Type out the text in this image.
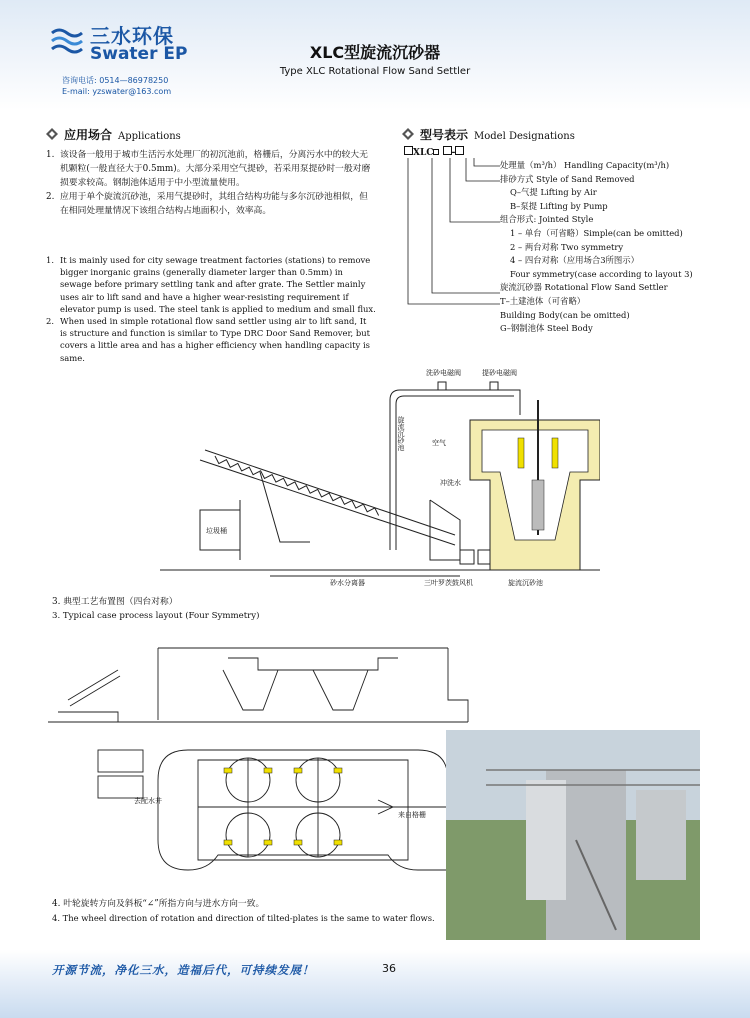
三水环保
Swater EP
咨询电话: 0514—86978250
E-mail: yzswater@163.com
XLC型旋流沉砂器
Type XLC Rotational Flow Sand Settler
应用场合 Applications
1. 该设备一般用于城市生活污水处理厂的初沉池前，格栅后，分离污水中的较大无机颗粒(一般直径大于0.5mm)。大部分采用空气提砂，若采用泵提砂时一般对磨损要求较高。钢制池体适用于中小型流量使用。
2. 应用于单个旋流沉砂池，采用气提砂时，其组合结构功能与多尔沉砂池相似，但在相同处理量情况下该组合结构占地面积小，效率高。
1. It is mainly used for city sewage treatment factories (stations) to remove bigger inorganic grains (generally diameter larger than 0.5mm) in sewage before primary settling tank and after grate. The Settler mainly uses air to lift sand and have a higher wear-resisting requirement if elevator pump is used. The steel tank is applied to medium and small flux.
2. When used in simple rotational flow sand settler using air to lift sand, It is structure and function is similar to Type DRC Door Sand Remover, but covers a little area and has a higher efficiency when handling capacity is same.
型号表示 Model Designations
XLC -
处理量（m³/h） Handling Capacity(m³/h)
排砂方式 Style of Sand Removed
Q–气提 Lifting by Air
B–泵提 Lifting by Pump
组合形式: Jointed Style
1 – 单台（可省略）Simple(can be omitted)
2 – 两台对称 Two symmetry
4 – 四台对称（应用场合3所图示）
Four symmetry(case according to layout 3)
旋流沉砂器 Rotational Flow Sand Settler
T–土建池体（可省略）
Building Body(can be omitted)
G–钢制池体 Steel Body
洗砂电磁阀	提砂电磁阀
旋流沉砂池	空气
冲洗水
垃圾桶
砂水分离器	三叶罗茨鼓风机	旋流沉砂池
3. 典型工艺布置图（四台对称）
3. Typical case process layout (Four Symmetry)
去配水井
来自格栅
4. 叶轮旋转方向及斜板“∠”所指方向与进水方向一致。
4. The wheel direction of rotation and direction of tilted-plates is the same to water flows.
开源节流，净化三水，造福后代，可持续发展！	36
